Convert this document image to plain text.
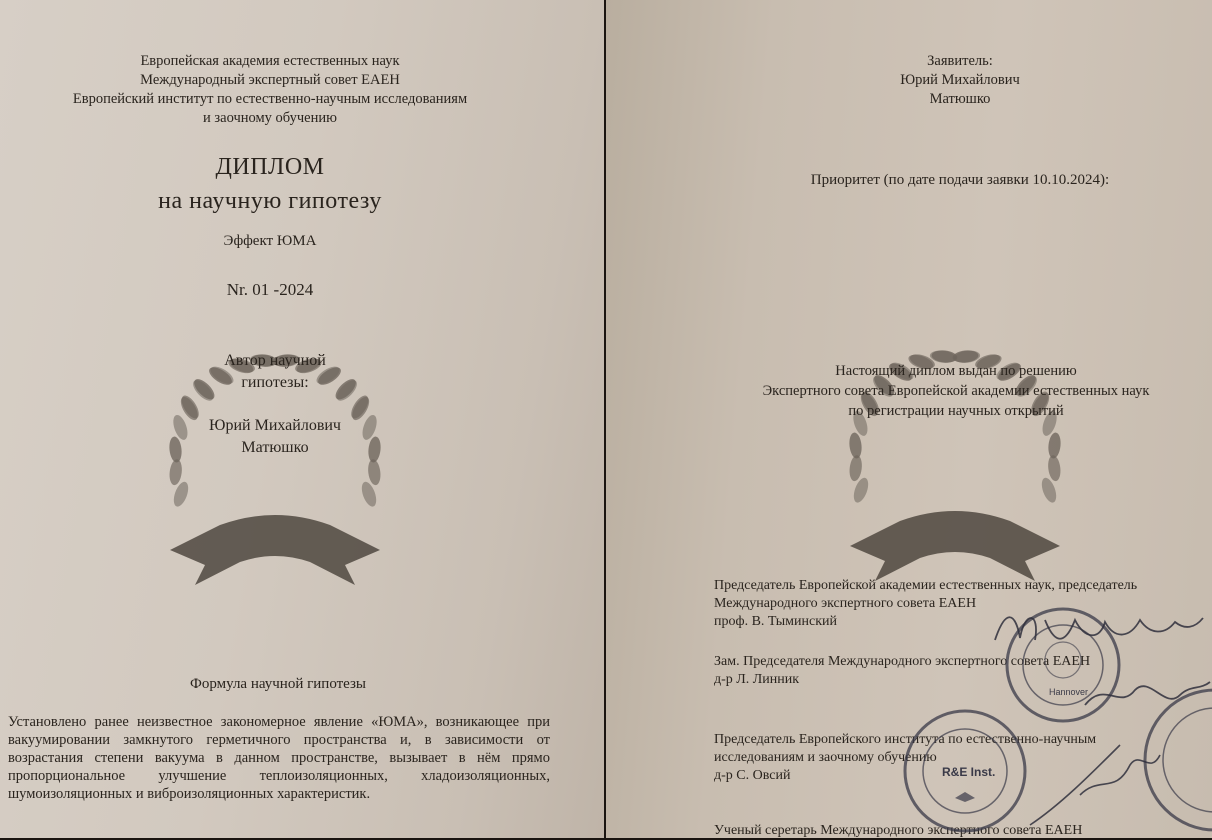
Европейская академия естественных наук
Международный экспертный совет ЕАЕН
Европейский институт по естественно-научным исследованиям
и заочному обучению
ДИПЛОМ
на научную гипотезу
Эффект ЮМА
Nr. 01 -2024
Автор научной
гипотезы:
Юрий Михайлович
Матюшко
Формула научной гипотезы
Установлено ранее неизвестное закономерное явление «ЮМА», возникающее при вакуумировании замкнутого герметичного пространства и, в зависимости от возрастания степени вакуума в данном пространстве, вызывает в нём прямо пропорциональное улучшение теплоизоляционных, хладоизоляционных, шумоизоляционных и виброизоляционных характеристик.
Заявитель:
Юрий Михайлович
Матюшко
Приоритет (по дате подачи заявки 10.10.2024):
Настоящий диплом выдан по решению
Экспертного совета Европейской академии естественных наук
по регистрации научных открытий
Председатель Европейской академии естественных наук, председатель
Международного экспертного совета ЕАЕН
проф. В. Тыминский
Зам. Председателя Международного экспертного совета ЕАЕН
д-р Л. Линник
Председатель Европейского института по естественно-научным
исследованиям и заочному обучению
д-р С. Овсий
Ученый серетарь Международного экспертного совета ЕАЕН
Hannover
R&E Inst.
